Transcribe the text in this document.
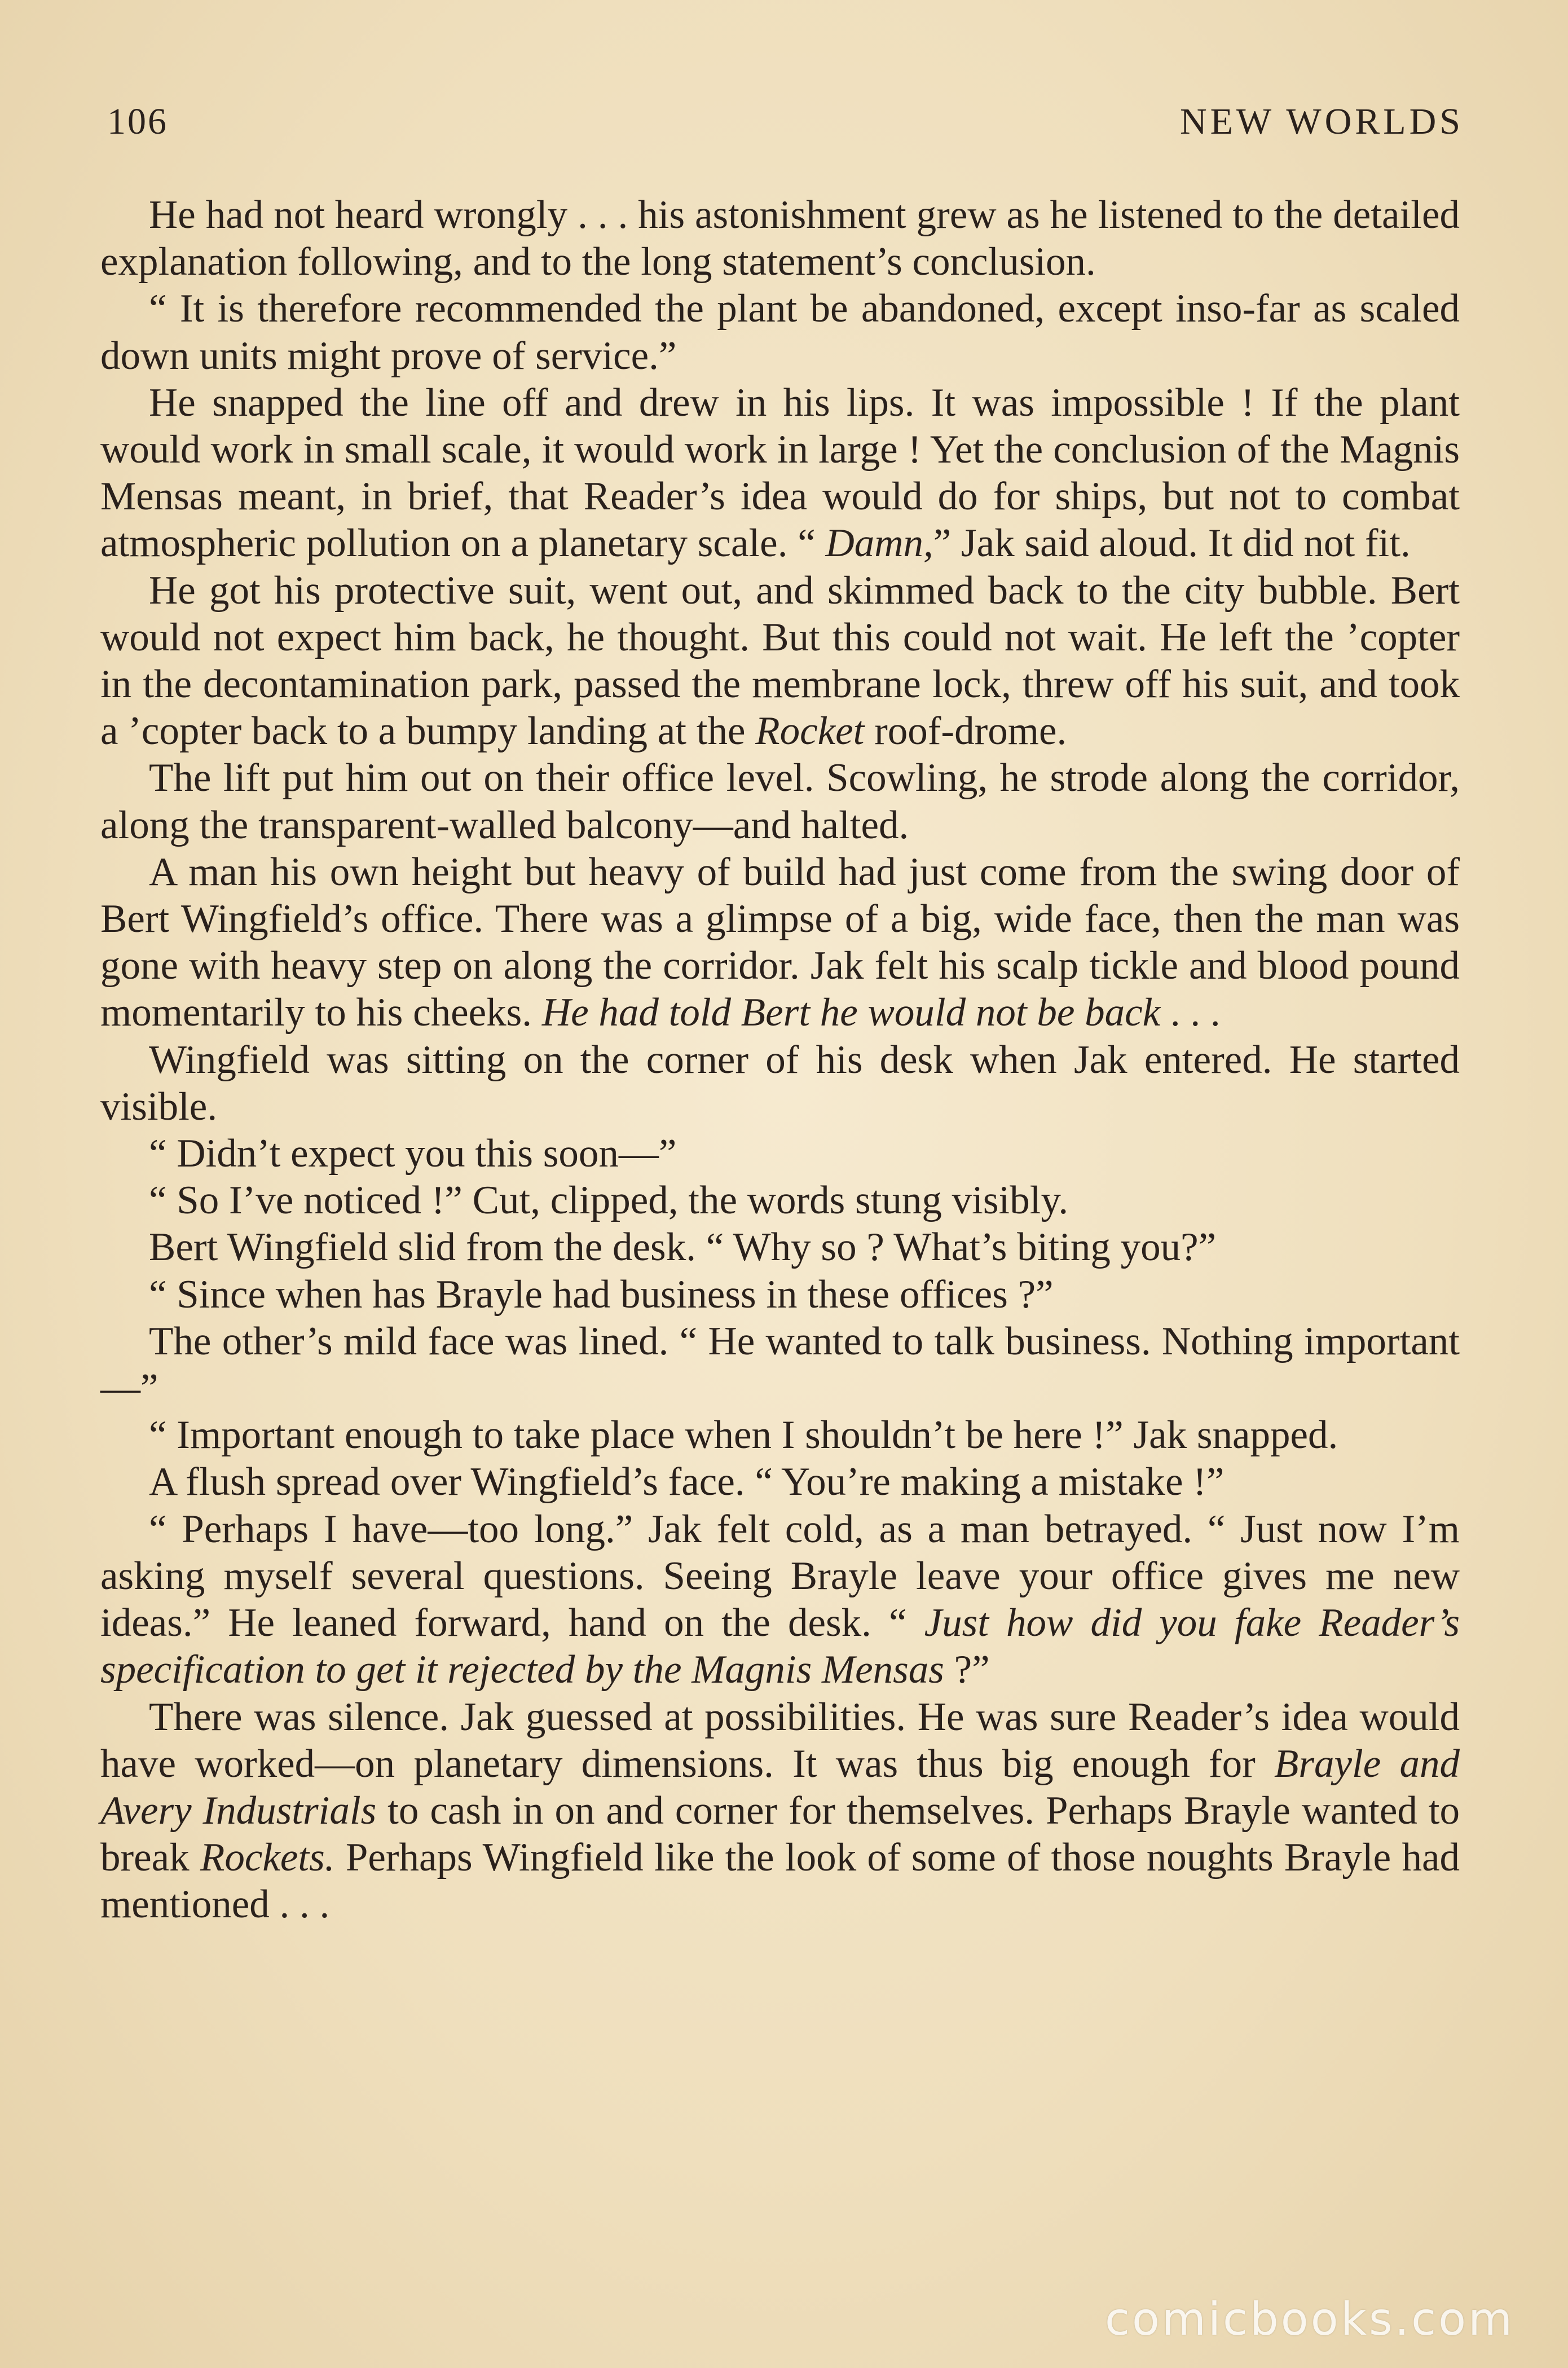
106	NEW WORLDS

He had not heard wrongly . . . his astonishment grew as he listened to the detailed explanation following, and to the long statement’s conclusion.

“ It is therefore recommended the plant be abandoned, except inso-far as scaled down units might prove of service.”

He snapped the line off and drew in his lips. It was impossible ! If the plant would work in small scale, it would work in large ! Yet the conclusion of the Magnis Mensas meant, in brief, that Reader’s idea would do for ships, but not to combat atmospheric pollution on a planetary scale. “ Damn,” Jak said aloud. It did not fit.

He got his protective suit, went out, and skimmed back to the city bubble. Bert would not expect him back, he thought. But this could not wait. He left the ’copter in the decontamination park, passed the membrane lock, threw off his suit, and took a ’copter back to a bumpy landing at the Rocket roof-drome.

The lift put him out on their office level. Scowling, he strode along the corridor, along the transparent-walled balcony—and halted.

A man his own height but heavy of build had just come from the swing door of Bert Wingfield’s office. There was a glimpse of a big, wide face, then the man was gone with heavy step on along the corridor. Jak felt his scalp tickle and blood pound momentarily to his cheeks. He had told Bert he would not be back . . .

Wingfield was sitting on the corner of his desk when Jak entered. He started visible.

“ Didn’t expect you this soon—”

“ So I’ve noticed !” Cut, clipped, the words stung visibly.

Bert Wingfield slid from the desk. “ Why so ? What’s biting you?”

“ Since when has Brayle had business in these offices ?”

The other’s mild face was lined. “ He wanted to talk business. Nothing important—”

“ Important enough to take place when I shouldn’t be here !” Jak snapped.

A flush spread over Wingfield’s face. “ You’re making a mistake !”

“ Perhaps I have—too long.” Jak felt cold, as a man betrayed. “ Just now I’m asking myself several questions. Seeing Brayle leave your office gives me new ideas.” He leaned forward, hand on the desk. “ Just how did you fake Reader’s specification to get it rejected by the Magnis Mensas ?”

There was silence. Jak guessed at possibilities. He was sure Reader’s idea would have worked—on planetary dimensions. It was thus big enough for Brayle and Avery Industrials to cash in on and corner for themselves. Perhaps Brayle wanted to break Rockets. Perhaps Wingfield like the look of some of those noughts Brayle had mentioned . . .

comicbooks.com
